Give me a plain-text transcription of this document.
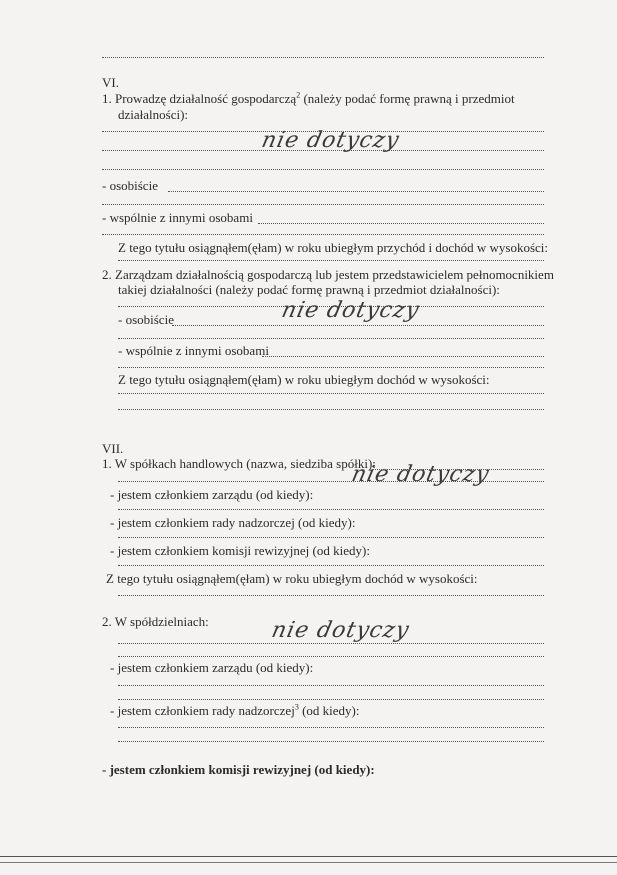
VI.
1. Prowadzę działalność gospodarczą$^2$ (należy podać formę prawną i przedmiot
działalności):
nie dotyczy
- osobiście
- wspólnie z innymi osobami
Z tego tytułu osiągnąłem(ęłam) w roku ubiegłym przychód i dochód w wysokości:
2. Zarządzam działalnością gospodarczą lub jestem przedstawicielem pełnomocnikiem
takiej działalności (należy podać formę prawną i przedmiot działalności):
- osobiście	nie dotyczy
- wspólnie z innymi osobami
Z tego tytułu osiągnąłem(ęłam) w roku ubiegłym dochód w wysokości:
VII.
1. W spółkach handlowych (nazwa, siedziba spółki):
nie dotyczy
- jestem członkiem zarządu (od kiedy):
- jestem członkiem rady nadzorczej (od kiedy):
- jestem członkiem komisji rewizyjnej (od kiedy):
Z tego tytułu osiągnąłem(ęłam) w roku ubiegłym dochód w wysokości:
2. W spółdzielniach:	nie dotyczy
- jestem członkiem zarządu (od kiedy):
- jestem członkiem rady nadzorczej$^3$ (od kiedy):
- jestem członkiem komisji rewizyjnej (od kiedy):
